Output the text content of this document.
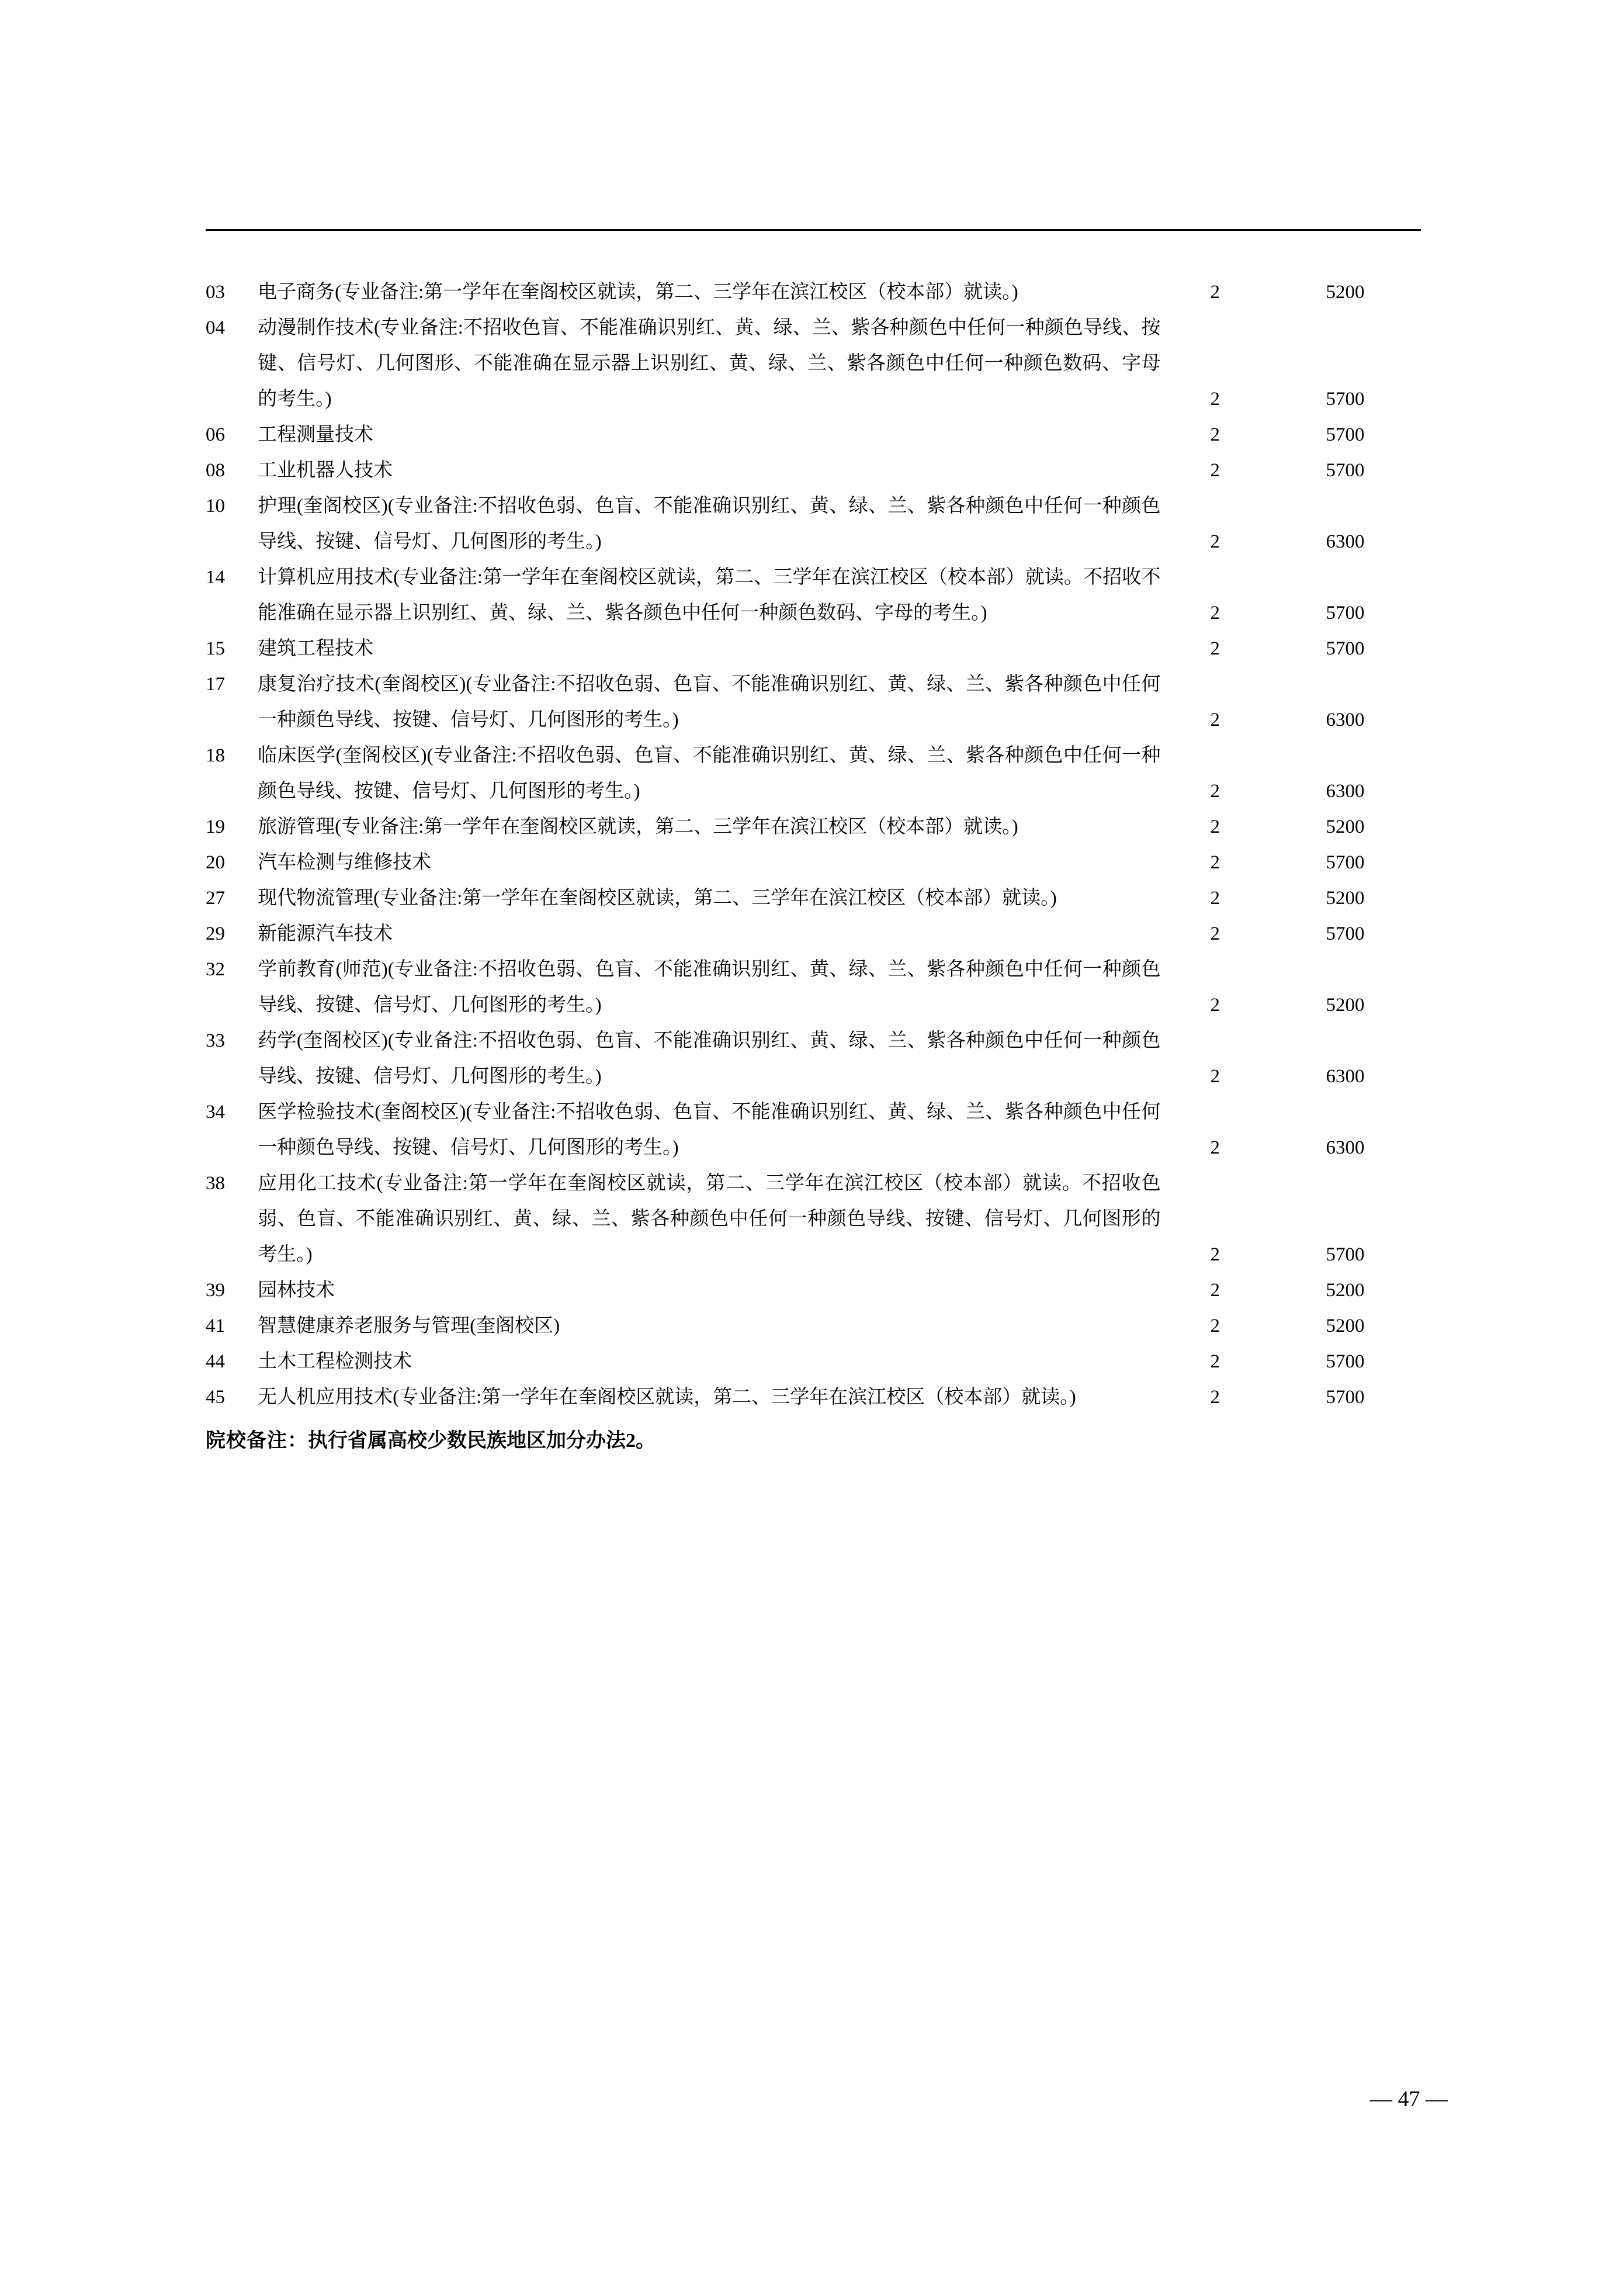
03	电子商务(专业备注:第一学年在奎阁校区就读，第二、三学年在滨江校区（校本部）就读。)	2	5200
04	动漫制作技术(专业备注:不招收色盲、不能准确识别红、黄、绿、兰、紫各种颜色中任何一种颜色导线、按键、信号灯、几何图形、不能准确在显示器上识别红、黄、绿、兰、紫各颜色中任何一种颜色数码、字母的考生。)	2	5700
06	工程测量技术	2	5700
08	工业机器人技术	2	5700
10	护理(奎阁校区)(专业备注:不招收色弱、色盲、不能准确识别红、黄、绿、兰、紫各种颜色中任何一种颜色导线、按键、信号灯、几何图形的考生。)	2	6300
14	计算机应用技术(专业备注:第一学年在奎阁校区就读，第二、三学年在滨江校区（校本部）就读。不招收不能准确在显示器上识别红、黄、绿、兰、紫各颜色中任何一种颜色数码、字母的考生。)	2	5700
15	建筑工程技术	2	5700
17	康复治疗技术(奎阁校区)(专业备注:不招收色弱、色盲、不能准确识别红、黄、绿、兰、紫各种颜色中任何一种颜色导线、按键、信号灯、几何图形的考生。)	2	6300
18	临床医学(奎阁校区)(专业备注:不招收色弱、色盲、不能准确识别红、黄、绿、兰、紫各种颜色中任何一种颜色导线、按键、信号灯、几何图形的考生。)	2	6300
19	旅游管理(专业备注:第一学年在奎阁校区就读，第二、三学年在滨江校区（校本部）就读。)	2	5200
20	汽车检测与维修技术	2	5700
27	现代物流管理(专业备注:第一学年在奎阁校区就读，第二、三学年在滨江校区（校本部）就读。)	2	5200
29	新能源汽车技术	2	5700
32	学前教育(师范)(专业备注:不招收色弱、色盲、不能准确识别红、黄、绿、兰、紫各种颜色中任何一种颜色导线、按键、信号灯、几何图形的考生。)	2	5200
33	药学(奎阁校区)(专业备注:不招收色弱、色盲、不能准确识别红、黄、绿、兰、紫各种颜色中任何一种颜色导线、按键、信号灯、几何图形的考生。)	2	6300
34	医学检验技术(奎阁校区)(专业备注:不招收色弱、色盲、不能准确识别红、黄、绿、兰、紫各种颜色中任何一种颜色导线、按键、信号灯、几何图形的考生。)	2	6300
38	应用化工技术(专业备注:第一学年在奎阁校区就读，第二、三学年在滨江校区（校本部）就读。不招收色弱、色盲、不能准确识别红、黄、绿、兰、紫各种颜色中任何一种颜色导线、按键、信号灯、几何图形的考生。)	2	5700
39	园林技术	2	5200
41	智慧健康养老服务与管理(奎阁校区)	2	5200
44	土木工程检测技术	2	5700
45	无人机应用技术(专业备注:第一学年在奎阁校区就读，第二、三学年在滨江校区（校本部）就读。)	2	5700
院校备注：执行省属高校少数民族地区加分办法2。
— 47 —
